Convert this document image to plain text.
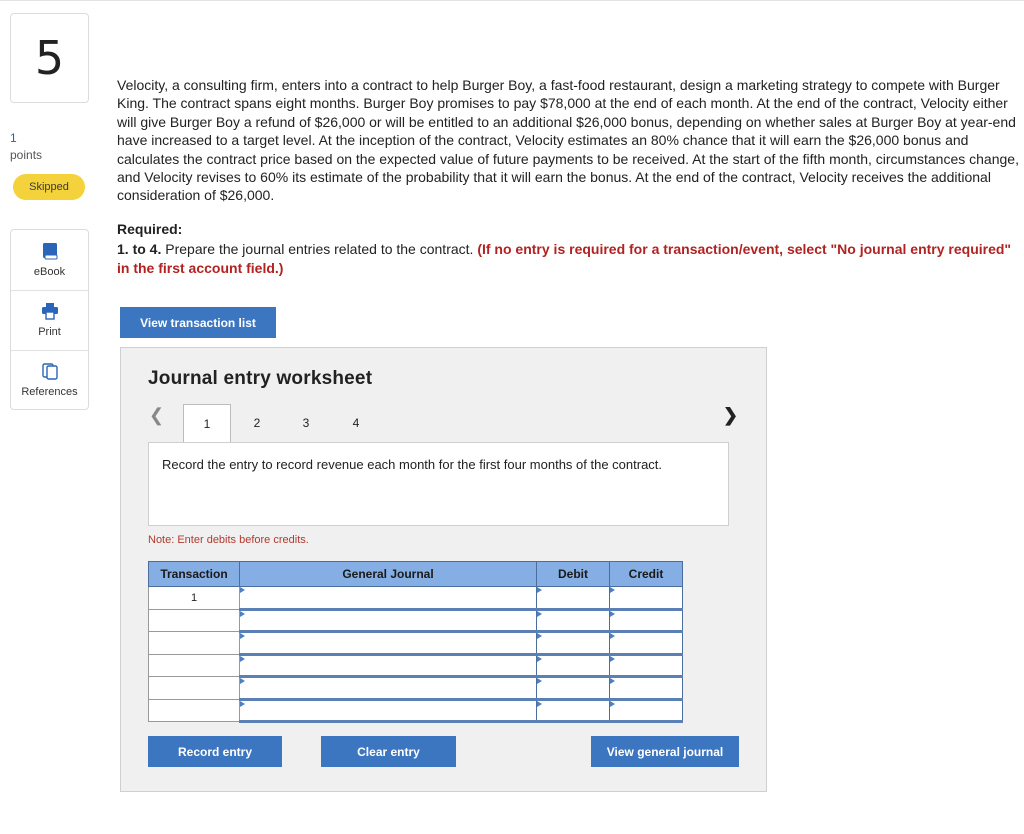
5
1
points
Skipped
eBook
Print
References
Velocity, a consulting firm, enters into a contract to help Burger Boy, a fast-food restaurant, design a marketing strategy to compete with Burger King. The contract spans eight months. Burger Boy promises to pay $78,000 at the end of each month. At the end of the contract, Velocity either will give Burger Boy a refund of $26,000 or will be entitled to an additional $26,000 bonus, depending on whether sales at Burger Boy at year-end have increased to a target level. At the inception of the contract, Velocity estimates an 80% chance that it will earn the $26,000 bonus and calculates the contract price based on the expected value of future payments to be received. At the start of the fifth month, circumstances change, and Velocity revises to 60% its estimate of the probability that it will earn the bonus. At the end of the contract, Velocity receives the additional consideration of $26,000.
Required:
1. to 4. Prepare the journal entries related to the contract. (If no entry is required for a transaction/event, select "No journal entry required" in the first account field.)
View transaction list
Journal entry worksheet
❮	1	2	3	4	❯
Record the entry to record revenue each month for the first four months of the contract.
Note: Enter debits before credits.
Transaction	General Journal	Debit	Credit
1			

Record entry	Clear entry	View general journal
